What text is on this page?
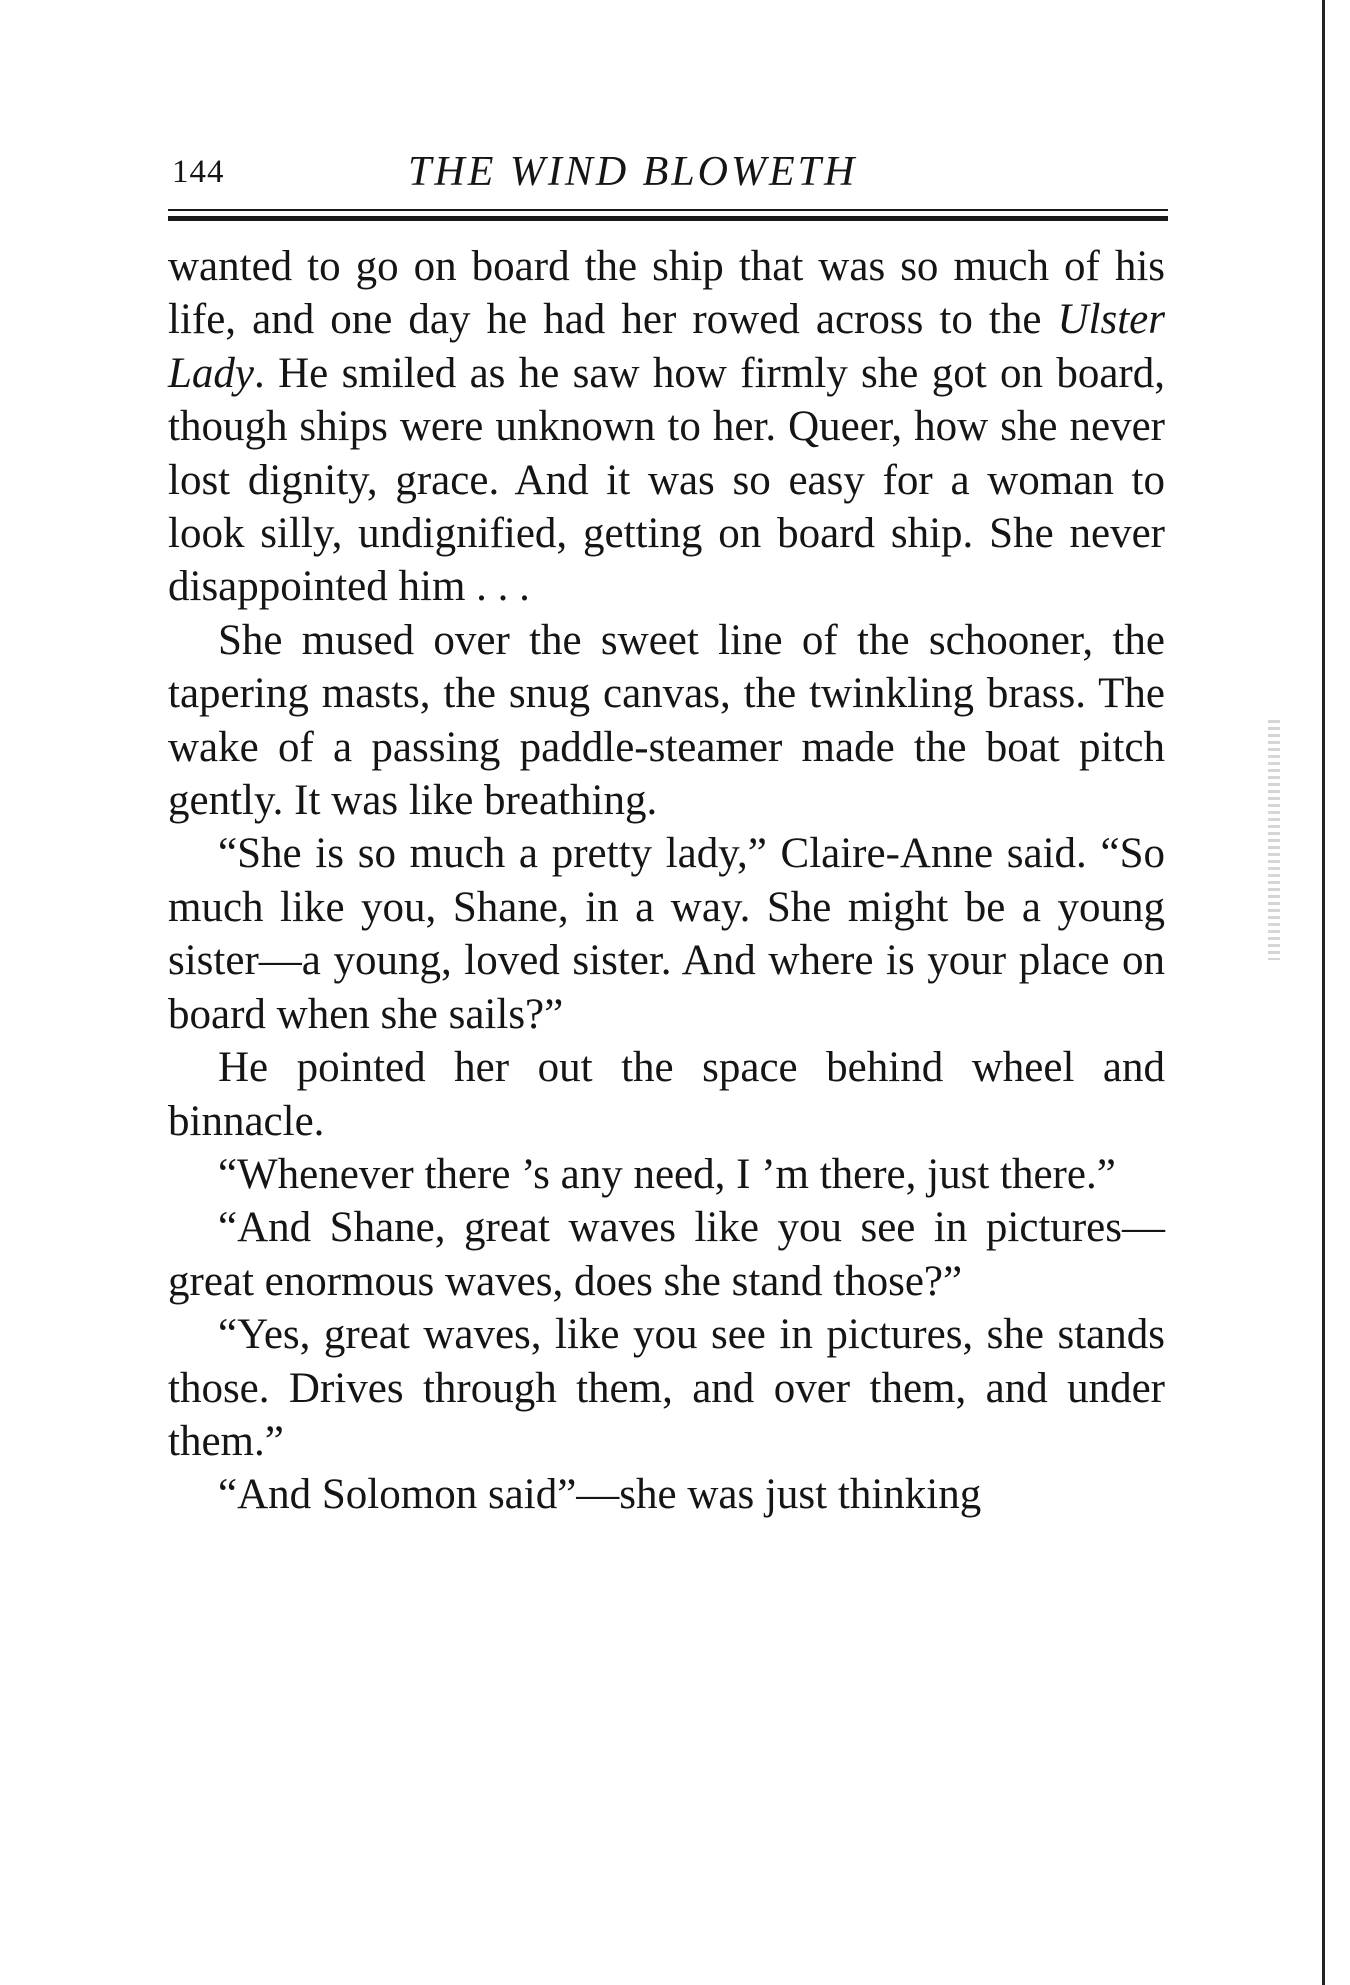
144	THE WIND BLOWETH

wanted to go on board the ship that was so much of his life, and one day he had her rowed across to the Ulster Lady. He smiled as he saw how firmly she got on board, though ships were unknown to her. Queer, how she never lost dignity, grace. And it was so easy for a woman to look silly, undignified, getting on board ship. She never disappointed him . . .

She mused over the sweet line of the schooner, the tapering masts, the snug canvas, the twinkling brass. The wake of a passing paddle-steamer made the boat pitch gently. It was like breathing.

“She is so much a pretty lady,” Claire-Anne said. “So much like you, Shane, in a way. She might be a young sister—a young, loved sister. And where is your place on board when she sails?”

He pointed her out the space behind wheel and binnacle.

“Whenever there ’s any need, I ’m there, just there.”

“And Shane, great waves like you see in pictures—great enormous waves, does she stand those?”

“Yes, great waves, like you see in pictures, she stands those. Drives through them, and over them, and under them.”

“And Solomon said”—she was just thinking
